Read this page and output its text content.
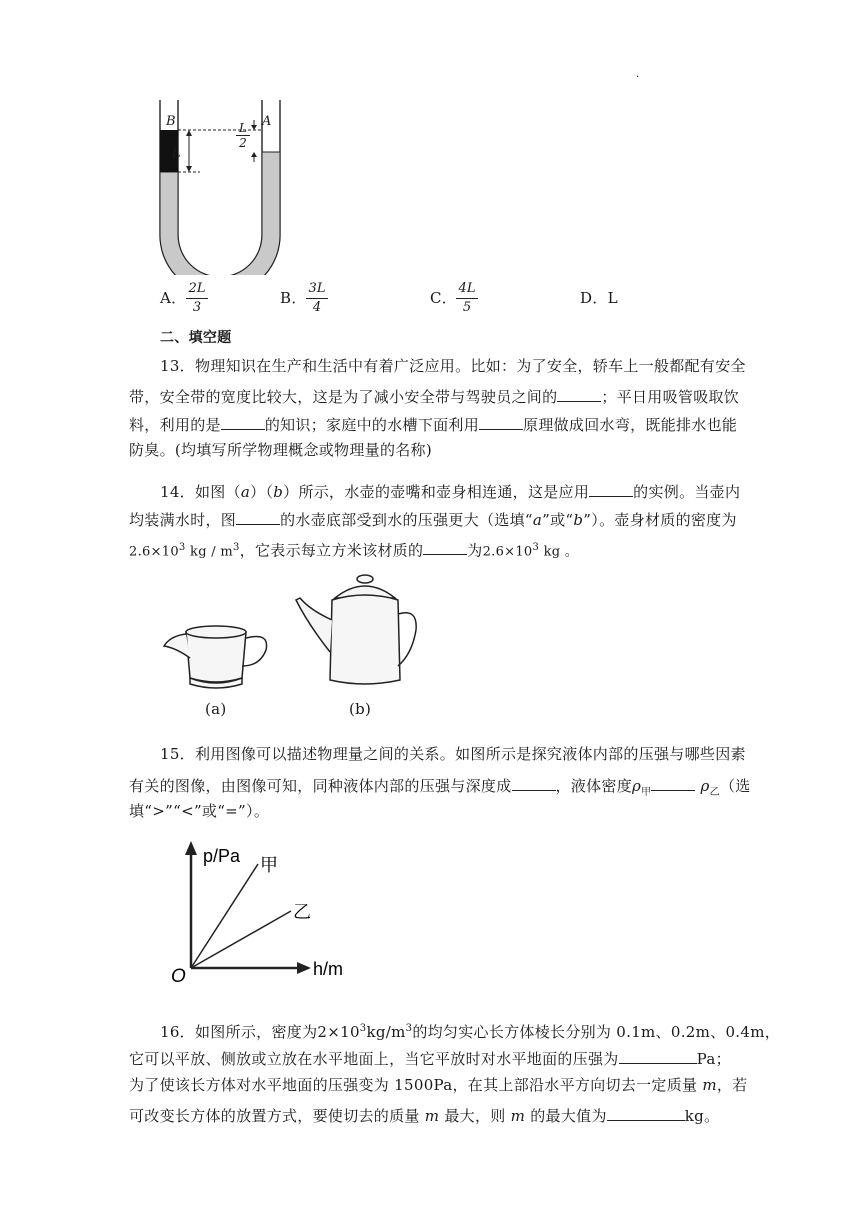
·
B	A
L
L
2
A．
2L
3
B．
3L
4
C．
4L
5
D．L
二、填空题
13．物理知识在生产和生活中有着广泛应用。比如：为了安全，轿车上一般都配有安全
带，安全带的宽度比较大，这是为了减小安全带与驾驶员之间的	；平日用吸管吸取饮
料，利用的是	的知识；家庭中的水槽下面利用	原理做成回水弯，既能排水也能
防臭。(均填写所学物理概念或物理量的名称)
14．如图（a）（b）所示，水壶的壶嘴和壶身相连通，这是应用	的实例。当壶内
均装满水时，图	的水壶底部受到水的压强更大（选填“a”或“b”）。壶身材质的密度为
$2.6\times 10^3$ kg / $m^3$，它表示每立方米该材质的	为$2.6\times 10^3$ kg 。
(a)	(b)
15．利用图像可以描述物理量之间的关系。如图所示是探究液体内部的压强与哪些因素
有关的图像，由图像可知，同种液体内部的压强与深度成	，液体密度$\rho_甲$	$\rho_乙$（选
填“>”“<”或“=”）。
p/Pa
h/m
O
甲
乙
16．如图所示，密度为$2\times 10^3kg/m^3$的均匀实心长方体棱长分别为 0.1m、0.2m、0.4m，
它可以平放、侧放或立放在水平地面上，当它平放时对水平地面的压强为	Pa；
为了使该长方体对水平地面的压强变为 1500Pa，在其上部沿水平方向切去一定质量 m，若
可改变长方体的放置方式，要使切去的质量 m 最大，则 m 的最大值为	kg。
